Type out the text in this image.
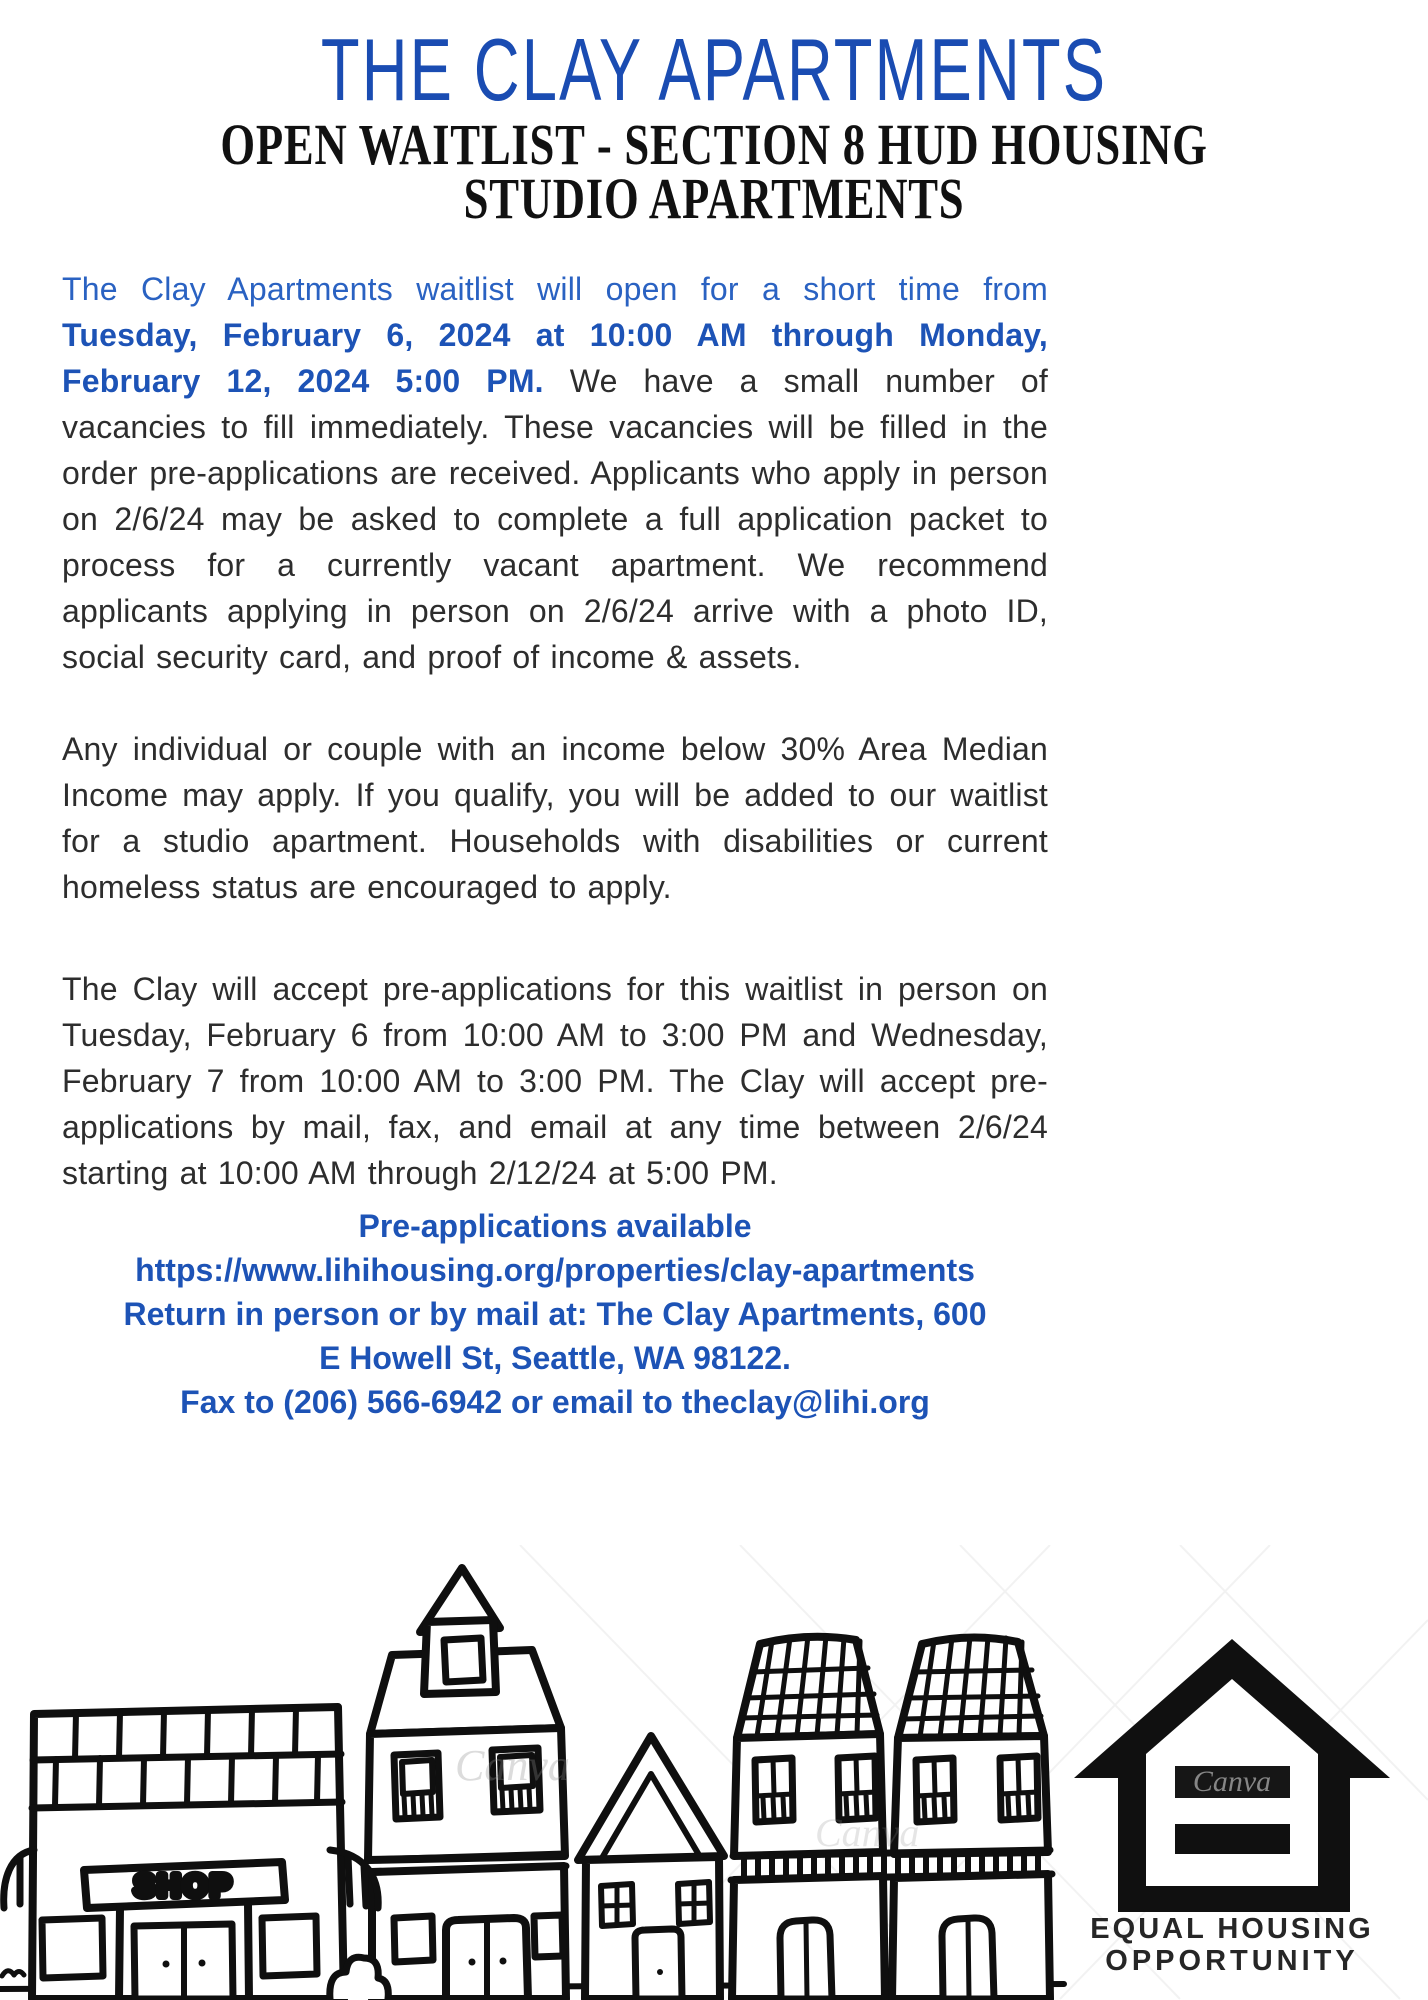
THE CLAY APARTMENTS
OPEN WAITLIST - SECTION 8 HUD HOUSING
STUDIO APARTMENTS

The Clay Apartments waitlist will open for a short time from Tuesday, February 6, 2024 at 10:00 AM through Monday, February 12, 2024 5:00 PM. We have a small number of vacancies to fill immediately. These vacancies will be filled in the order pre-applications are received. Applicants who apply in person on 2/6/24 may be asked to complete a full application packet to process for a currently vacant apartment. We recommend applicants applying in person on 2/6/24 arrive with a photo ID, social security card, and proof of income & assets.

Any individual or couple with an income below 30% Area Median Income may apply. If you qualify, you will be added to our waitlist for a studio apartment. Households with disabilities or current homeless status are encouraged to apply.

The Clay will accept pre-applications for this waitlist in person on Tuesday, February 6 from 10:00 AM to 3:00 PM and Wednesday, February 7 from 10:00 AM to 3:00 PM. The Clay will accept pre-applications by mail, fax, and email at any time between 2/6/24 starting at 10:00 AM through 2/12/24 at 5:00 PM.

Pre-applications available
https://www.lihihousing.org/properties/clay-apartments
Return in person or by mail at: The Clay Apartments, 600
E Howell St, Seattle, WA 98122.
Fax to (206) 566-6942 or email to theclay@lihi.org
SHOP
Canva
Canva
Canva
EQUAL HOUSING
OPPORTUNITY
